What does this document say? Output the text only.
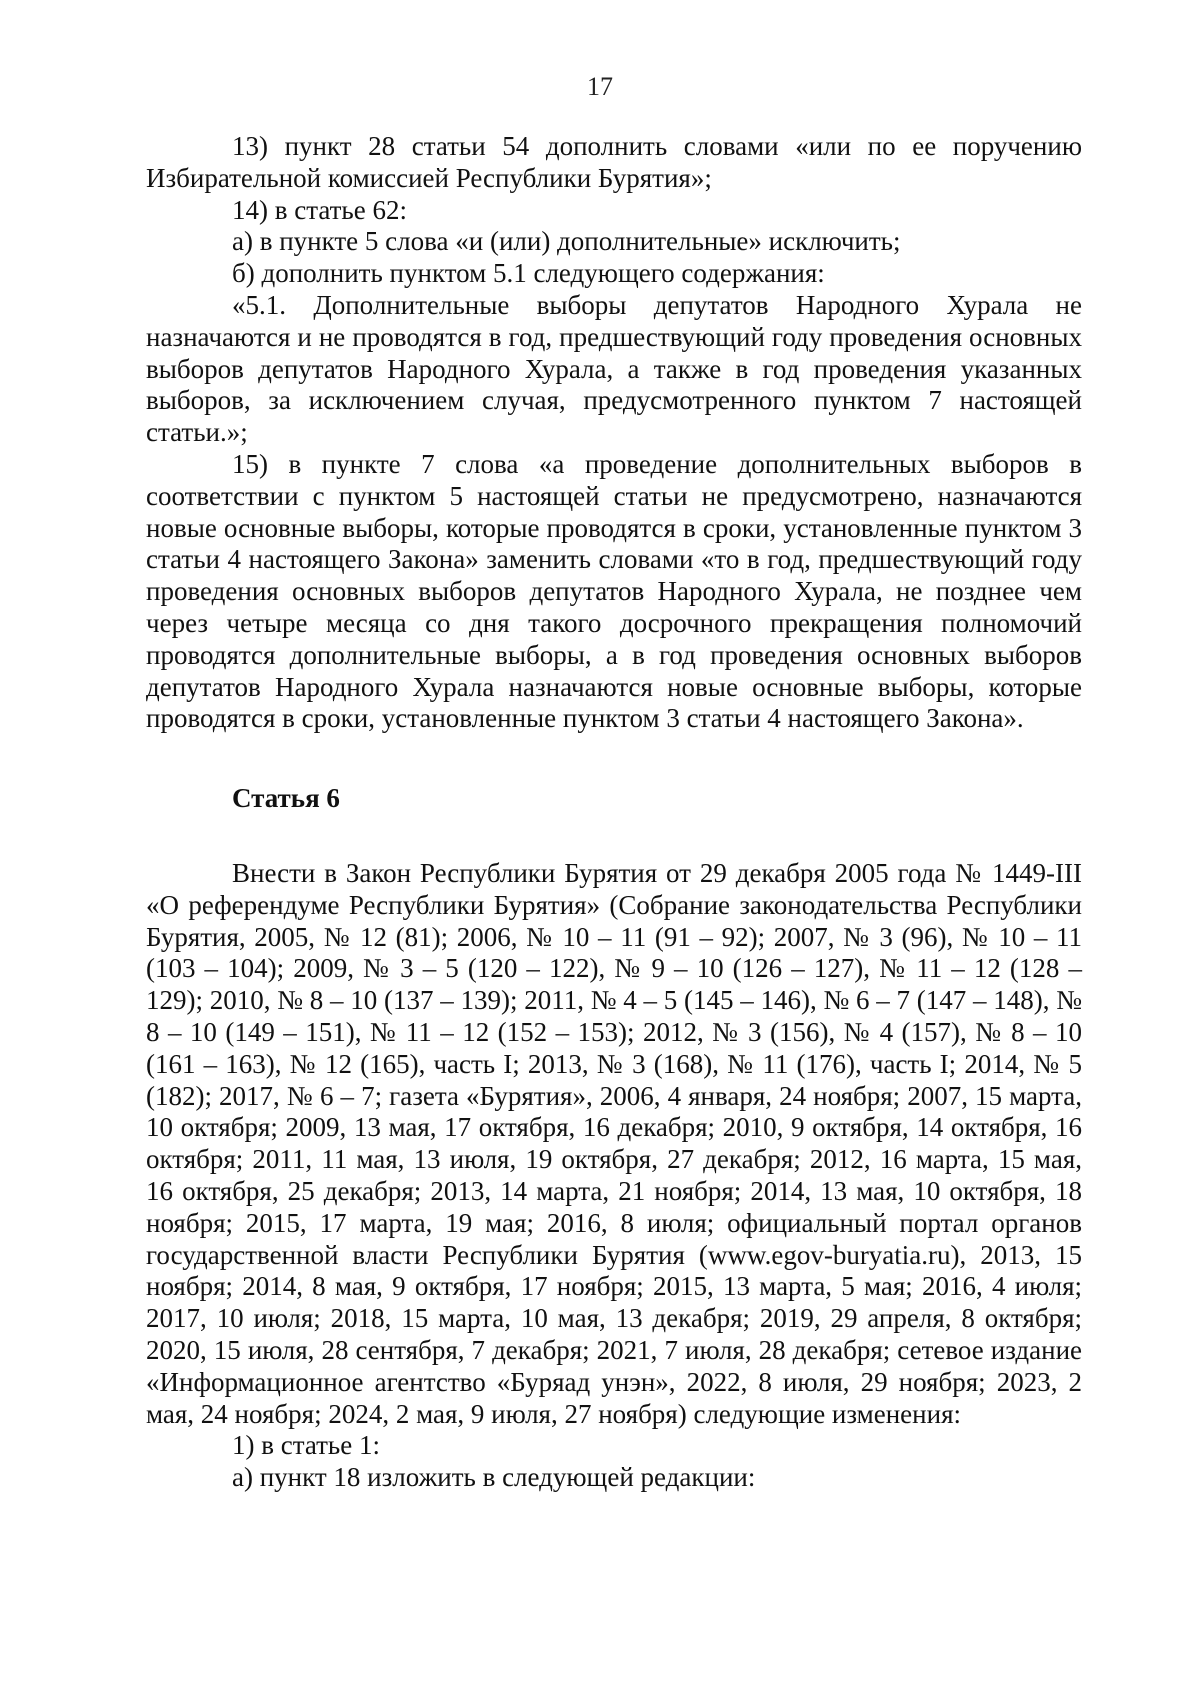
17

13) пункт 28 статьи 54 дополнить словами «или по ее поручению Избирательной комиссией Республики Бурятия»;

14) в статье 62:

а) в пункте 5 слова «и (или) дополнительные» исключить;

б) дополнить пунктом 5.1 следующего содержания:

«5.1. Дополнительные выборы депутатов Народного Хурала не назначаются и не проводятся в год, предшествующий году проведения основных выборов депутатов Народного Хурала, а также в год проведения указанных выборов, за исключением случая, предусмотренного пунктом 7 настоящей статьи.»;

15) в пункте 7 слова «а проведение дополнительных выборов в соответствии с пунктом 5 настоящей статьи не предусмотрено, назначаются новые основные выборы, которые проводятся в сроки, установленные пунктом 3 статьи 4 настоящего Закона» заменить словами «то в год, предшествующий году проведения основных выборов депутатов Народного Хурала, не позднее чем через четыре месяца со дня такого досрочного прекращения полномочий проводятся дополнительные выборы, а в год проведения основных выборов депутатов Народного Хурала назначаются новые основные выборы, которые проводятся в сроки, установленные пунктом 3 статьи 4 настоящего Закона».

Статья 6

Внести в Закон Республики Бурятия от 29 декабря 2005 года № 1449-III «О референдуме Республики Бурятия» (Собрание законодательства Республики Бурятия, 2005, № 12 (81); 2006, № 10 – 11 (91 – 92); 2007, № 3 (96), № 10 – 11 (103 – 104); 2009, № 3 – 5 (120 – 122), № 9 – 10 (126 – 127), № 11 – 12 (128 – 129); 2010, № 8 – 10 (137 – 139); 2011, № 4 – 5 (145 – 146), № 6 – 7 (147 – 148), № 8 – 10 (149 – 151), № 11 – 12 (152 – 153); 2012, № 3 (156), № 4 (157), № 8 – 10 (161 – 163), № 12 (165), часть I; 2013, № 3 (168), № 11 (176), часть I; 2014, № 5 (182); 2017, № 6 – 7; газета «Бурятия», 2006, 4 января, 24 ноября; 2007, 15 марта, 10 октября; 2009, 13 мая, 17 октября, 16 декабря; 2010, 9 октября, 14 октября, 16 октября; 2011, 11 мая, 13 июля, 19 октября, 27 декабря; 2012, 16 марта, 15 мая, 16 октября, 25 декабря; 2013, 14 марта, 21 ноября; 2014, 13 мая, 10 октября, 18 ноября; 2015, 17 марта, 19 мая; 2016, 8 июля; официальный портал органов государственной власти Республики Бурятия (www.egov-buryatia.ru), 2013, 15 ноября; 2014, 8 мая, 9 октября, 17 ноября; 2015, 13 марта, 5 мая; 2016, 4 июля; 2017, 10 июля; 2018, 15 марта, 10 мая, 13 декабря; 2019, 29 апреля, 8 октября; 2020, 15 июля, 28 сентября, 7 декабря; 2021, 7 июля, 28 декабря; сетевое издание «Информационное агентство «Буряад унэн», 2022, 8 июля, 29 ноября; 2023, 2 мая, 24 ноября; 2024, 2 мая, 9 июля, 27 ноября) следующие изменения:

1) в статье 1:

а) пункт 18 изложить в следующей редакции:
